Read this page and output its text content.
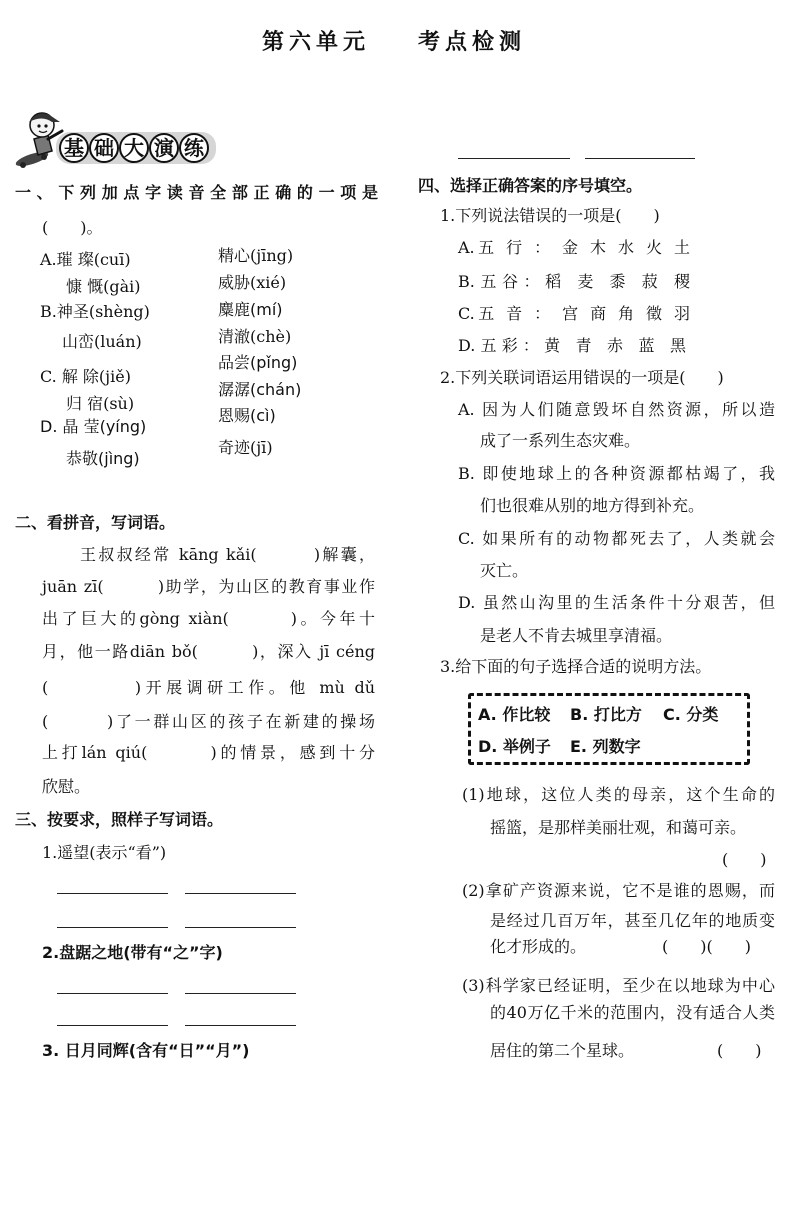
第六单元 考点检测
基础大演练
一、下列加点字读音全部正确的一项是
(　　)。
A.璀 璨(cuī)
慷 慨(gài)
B.神圣(shèng)
山峦(luán)
C. 解 除(jiě)
归 宿(sù)
D. 晶 莹(yíng)
恭敬(jìng)
精心(jīng)
威胁(xié)
麋鹿(mí)
清澈(chè)
品尝(pǐng)
潺潺(chán)
恩赐(cì)
奇迹(jī)
二、看拼音，写词语。
王叔叔经常 kāng kǎi(　　　)解囊，
juān zī(　　　)助学，为山区的教育事业作
出了巨大的gòng xiàn(　　　)。今年十
月，他一路diān bǒ(　　　)，深入 jī céng
(　　　　)开展调研工作。他 mù dǔ
(　　　)了一群山区的孩子在新建的操场
上打lán qiú(　　　)的情景，感到十分
欣慰。
三、按要求，照样子写词语。
1.遥望(表示“看”)
2.盘踞之地(带有“之”字)
3. 日月同辉(含有“日”“月”)
四、选择正确答案的序号填空。
1.下列说法错误的一项是(　　)
A.五 行 ： 金 木 水 火 土
B.五谷：稻 麦 黍 菽 稷
C.五 音 ： 宫 商 角 徵 羽
D.五彩：黄 青 赤 蓝 黑
2.下列关联词语运用错误的一项是(　　)
A. 因为人们随意毁坏自然资源，所以造
成了一系列生态灾难。
B. 即使地球上的各种资源都枯竭了，我
们也很难从别的地方得到补充。
C. 如果所有的动物都死去了，人类就会
灭亡。
D. 虽然山沟里的生活条件十分艰苦，但
是老人不肯去城里享清福。
3.给下面的句子选择合适的说明方法。
A. 作比较 B. 打比方 C. 分类
D. 举例子 E. 列数字
(1)地球，这位人类的母亲，这个生命的
摇篮，是那样美丽壮观，和蔼可亲。
(　　)
(2)拿矿产资源来说，它不是谁的恩赐，而
是经过几百万年，甚至几亿年的地质变
化才形成的。	(　　)(　　)
(3)科学家已经证明，至少在以地球为中心
的40万亿千米的范围内，没有适合人类
居住的第二个星球。	(　　)
